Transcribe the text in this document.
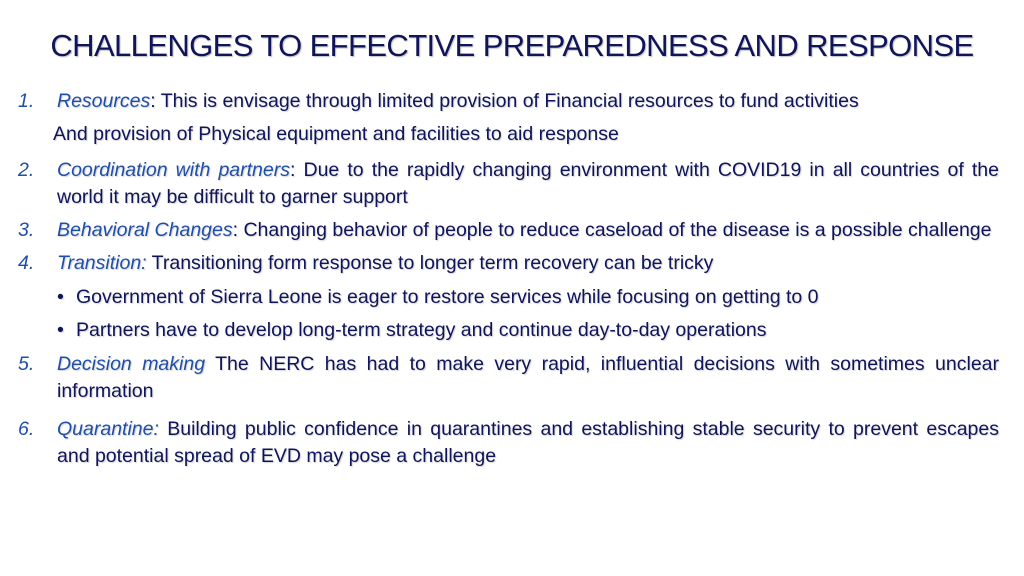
CHALLENGES TO EFFECTIVE PREPAREDNESS AND RESPONSE
1. Resources: This is envisage through limited provision of Financial resources to fund activities
And provision of Physical equipment and facilities to aid response
2. Coordination with partners: Due to the rapidly changing environment with COVID19 in all countries of the world it may be difficult to garner support
3. Behavioral Changes: Changing behavior of people to reduce caseload of the disease is a possible challenge
4. Transition: Transitioning form response to longer term recovery can be tricky
• Government of Sierra Leone is eager to restore services while focusing on getting to 0
• Partners have to develop long-term strategy and continue day-to-day operations
5. Decision making The NERC has had to make very rapid, influential decisions with sometimes unclear information
6. Quarantine: Building public confidence in quarantines and establishing stable security to prevent escapes and potential spread of EVD may pose a challenge
